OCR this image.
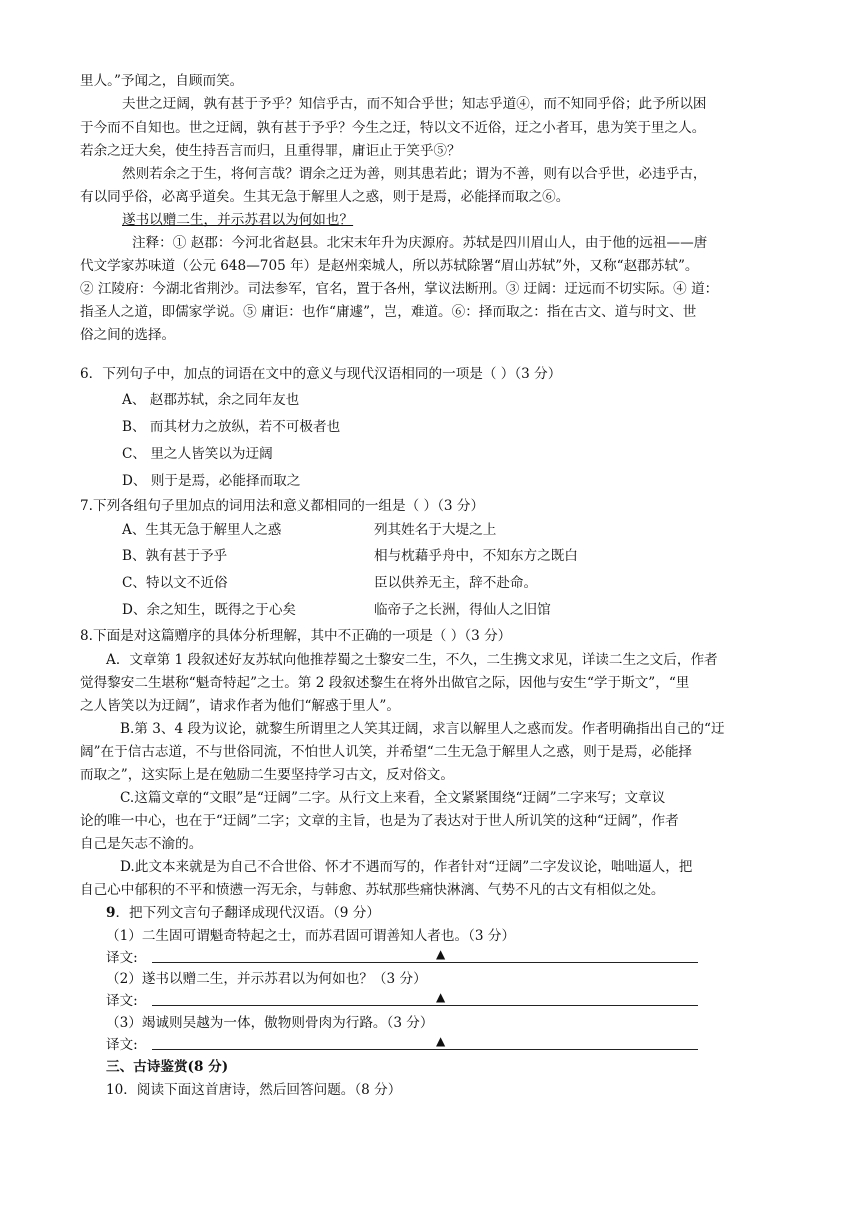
里人。”予闻之，自顾而笑。
夫世之迂阔，孰有甚于予乎？知信乎古，而不知合乎世；知志乎道④，而不知同乎俗；此予所以困
于今而不自知也。世之迂阔，孰有甚于予乎？今生之迂，特以文不近俗，迂之小者耳，患为笑于里之人。
若余之迂大矣，使生持吾言而归，且重得罪，庸讵止于笑乎⑤？
然则若余之于生，将何言哉？谓余之迂为善，则其患若此；谓为不善，则有以合乎世，必违乎古，
有以同乎俗，必离乎道矣。生其无急于解里人之惑，则于是焉，必能择而取之⑥。
遂书以赠二生，并示苏君以为何如也？
注释：① 赵郡：今河北省赵县。北宋末年升为庆源府。苏轼是四川眉山人，由于他的远祖——唐
代文学家苏味道（公元 648—705 年）是赵州栾城人，所以苏轼除署“眉山苏轼”外，又称“赵郡苏轼”。
② 江陵府：今湖北省荆沙。司法参军，官名，置于各州，掌议法断刑。③ 迂阔：迂远而不切实际。④ 道：
指圣人之道，即儒家学说。⑤ 庸讵：也作“庸遽”，岂，难道。⑥：择而取之：指在古文、道与时文、世
俗之间的选择。
6．下列句子中，加点的词语在文中的意义与现代汉语相同的一项是（ ）（3 分）
A、 赵郡苏轼，余之同年友也
B、 而其材力之放纵，若不可极者也
C、 里之人皆笑以为迂阔
D、 则于是焉，必能择而取之
7.下列各组句子里加点的词用法和意义都相同的一组是（ ）（3 分）
A、生其无急于解里人之惑	列其姓名于大堤之上
B、孰有甚于予乎	相与枕藉乎舟中，不知东方之既白
C、特以文不近俗	臣以供养无主，辞不赴命。
D、余之知生，既得之于心矣	临帝子之长洲，得仙人之旧馆
8.下面是对这篇赠序的具体分析理解，其中不正确的一项是（ ）（3 分）
A．文章第 1 段叙述好友苏轼向他推荐蜀之士黎安二生，不久，二生携文求见，详读二生之文后，作者
觉得黎安二生堪称“魁奇特起”之士。第 2 段叙述黎生在将外出做官之际，因他与安生“学于斯文”，“里
之人皆笑以为迂阔”，请求作者为他们“解惑于里人”。
B.第 3、4 段为议论，就黎生所谓里之人笑其迂阔，求言以解里人之惑而发。作者明确指出自己的“迂
阔”在于信古志道，不与世俗同流，不怕世人讥笑，并希望“二生无急于解里人之惑，则于是焉，必能择
而取之”，这实际上是在勉励二生要坚持学习古文，反对俗文。
C.这篇文章的“文眼”是“迂阔”二字。从行文上来看，全文紧紧围绕“迂阔”二字来写；文章议
论的唯一中心，也在于“迂阔”二字；文章的主旨，也是为了表达对于世人所讥笑的这种“迂阔”，作者
自己是矢志不渝的。
D.此文本来就是为自己不合世俗、怀才不遇而写的，作者针对“迂阔”二字发议论，咄咄逼人，把
自己心中郁积的不平和愤懑一泻无余，与韩愈、苏轼那些痛快淋漓、气势不凡的古文有相似之处。
9．把下列文言句子翻译成现代汉语。（9 分）
（1）二生固可谓魁奇特起之士，而苏君固可谓善知人者也。（3 分）
译文:	▲
（2）遂书以赠二生，并示苏君以为何如也？（3 分）
译文:	▲
（3）竭诚则吴越为一体，傲物则骨肉为行路。（3 分）
译文:	▲
三、古诗鉴赏(8 分)
10．阅读下面这首唐诗，然后回答问题。（8 分）
